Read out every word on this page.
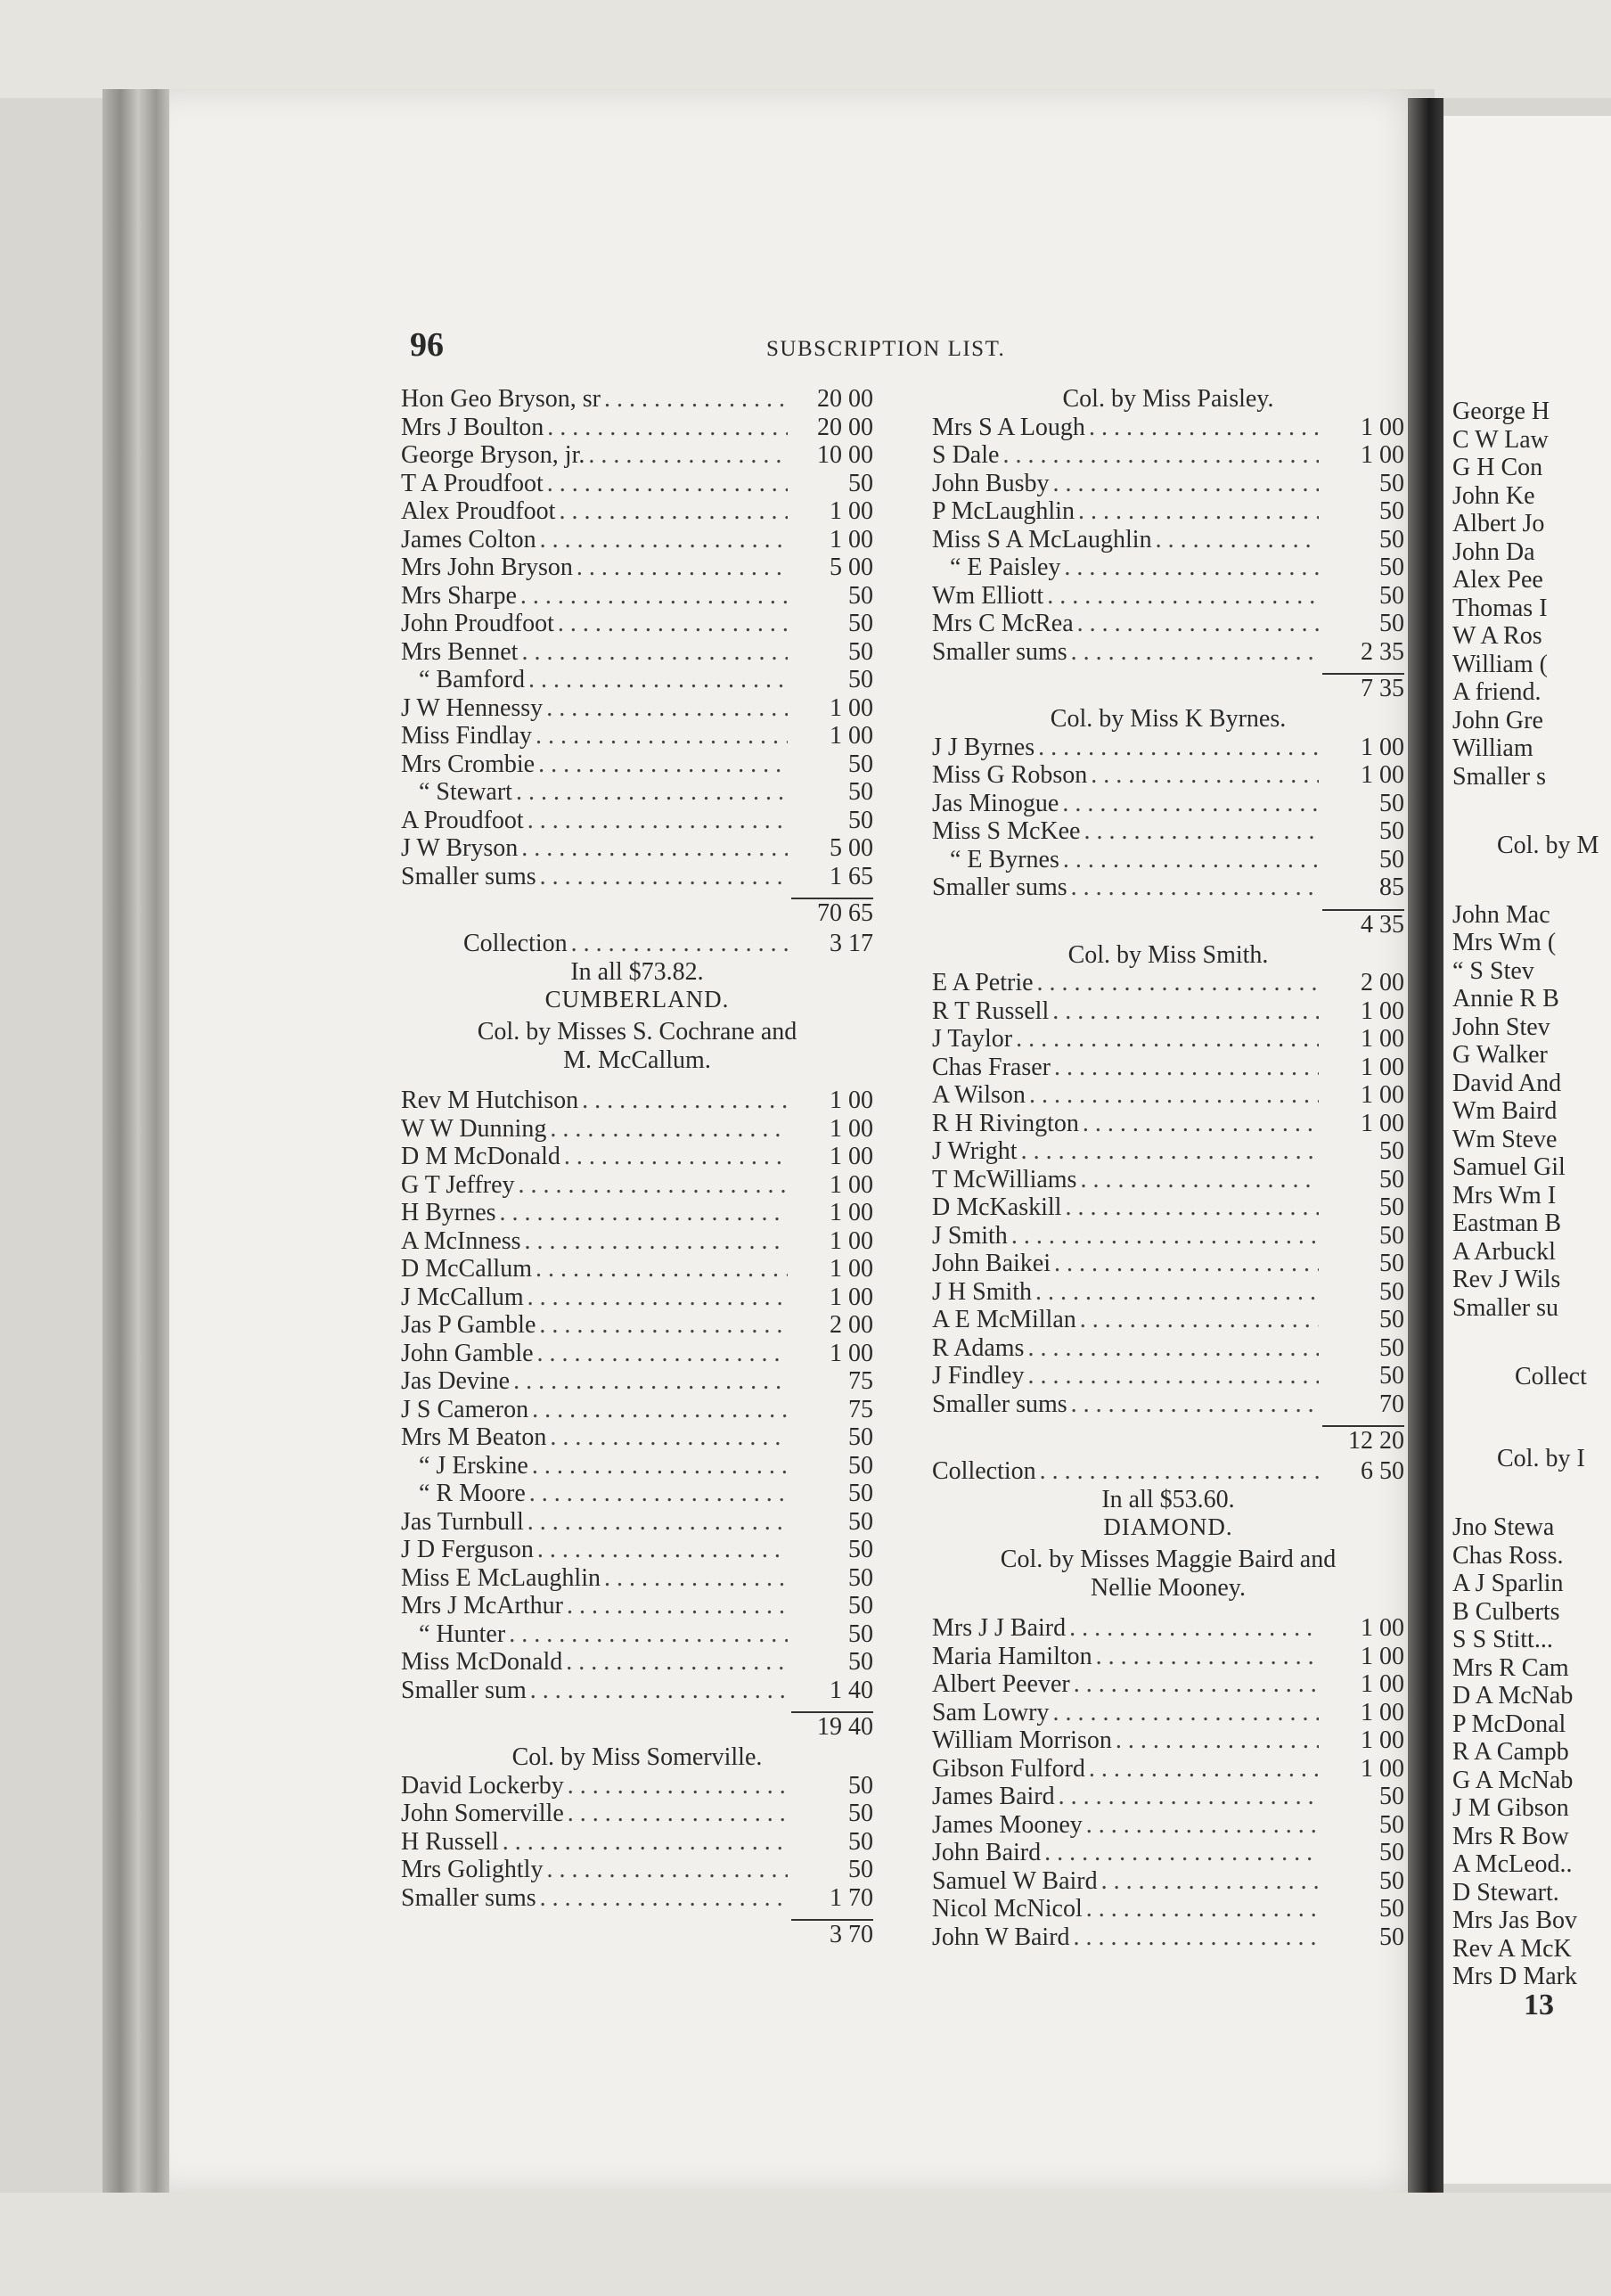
96	SUBSCRIPTION LIST.
Hon Geo Bryson, sr . . .	20 00
Mrs J Boulton . . .	20 00
George Bryson, jr. . . .	10 00
T A Proudfoot . . .	50
Alex Proudfoot . . .	1 00
James Colton . . .	1 00
Mrs John Bryson . . .	5 00
Mrs Sharpe . . .	50
John Proudfoot . . .	50
Mrs Bennet . . .	50
“ Bamford . . .	50
J W Hennessy . . .	1 00
Miss Findlay . . .	1 00
Mrs Crombie . . .	50
“ Stewart . . .	50
A Proudfoot . . .	50
J W Bryson . . .	5 00
Smaller sums . . .	1 65
70 65
Collection . . .	3 17
In all $73.82.
CUMBERLAND.
Col. by Misses S. Cochrane and
M. McCallum.
Rev M Hutchison . . .	1 00
W W Dunning . . .	1 00
D M McDonald . . .	1 00
G T Jeffrey . . .	1 00
H Byrnes . . .	1 00
A McInness . . .	1 00
D McCallum . . .	1 00
J McCallum . . .	1 00
Jas P Gamble . . .	2 00
John Gamble . . .	1 00
Jas Devine . . .	75
J S Cameron . . .	75
Mrs M Beaton . . .	50
“ J Erskine . . .	50
“ R Moore . . .	50
Jas Turnbull . . .	50
J D Ferguson . . .	50
Miss E McLaughlin . . .	50
Mrs J McArthur . . .	50
“ Hunter . . .	50
Miss McDonald . . .	50
Smaller sum . . .	1 40
19 40
Col. by Miss Somerville.
David Lockerby . . .	50
John Somerville . . .	50
H Russell . . .	50
Mrs Golightly . . .	50
Smaller sums . . .	1 70
3 70
Col. by Miss Paisley.
Mrs S A Lough . . .	1 00
S Dale . . .	1 00
John Busby . . .	50
P McLaughlin . . .	50
Miss S A McLaughlin . . .	50
“ E Paisley . . .	50
Wm Elliott . . .	50
Mrs C McRea . . .	50
Smaller sums . . .	2 35
7 35
Col. by Miss K Byrnes.
J J Byrnes . . .	1 00
Miss G Robson . . .	1 00
Jas Minogue . . .	50
Miss S McKee . . .	50
“ E Byrnes . . .	50
Smaller sums . . .	85
4 35
Col. by Miss Smith.
E A Petrie . . .	2 00
R T Russell . . .	1 00
J Taylor . . .	1 00
Chas Fraser . . .	1 00
A Wilson . . .	1 00
R H Rivington . . .	1 00
J Wright . . .	50
T McWilliams . . .	50
D McKaskill . . .	50
J Smith . . .	50
John Baikei . . .	50
J H Smith . . .	50
A E McMillan . . .	50
R Adams . . .	50
J Findley . . .	50
Smaller sums . . .	70
12 20
Collection . . .	6 50
In all $53.60.
DIAMOND.
Col. by Misses Maggie Baird and
Nellie Mooney.
Mrs J J Baird . . .	1 00
Maria Hamilton . . .	1 00
Albert Peever . . .	1 00
Sam Lowry . . .	1 00
William Morrison . . .	1 00
Gibson Fulford . . .	1 00
James Baird . . .	50
James Mooney . . .	50
John Baird . . .	50
Samuel W Baird . . .	50
Nicol McNicol . . .	50
John W Baird . . .	50
George H
C W Law
G H Con
John Ke
Albert Jo
John Da
Alex Pee
Thomas I
W A Ros
William (
A friend.
John Gre
William
Smaller s
Col. by M
John Mac
Mrs Wm (
“ S Stev
Annie R B
John Stev
G Walker
David And
Wm Baird
Wm Steve
Samuel Gil
Mrs Wm I
Eastman B
A Arbuckl
Rev J Wils
Smaller su
Collect
Col. by I
Jno Stewa
Chas Ross.
A J Sparlin
B Culberts
S S Stitt...
Mrs R Cam
D A McNab
P McDonal
R A Campb
G A McNab
J M Gibson
Mrs R Bow
A McLeod..
D Stewart.
Mrs Jas Bov
Rev A McK
Mrs D Mark
13
